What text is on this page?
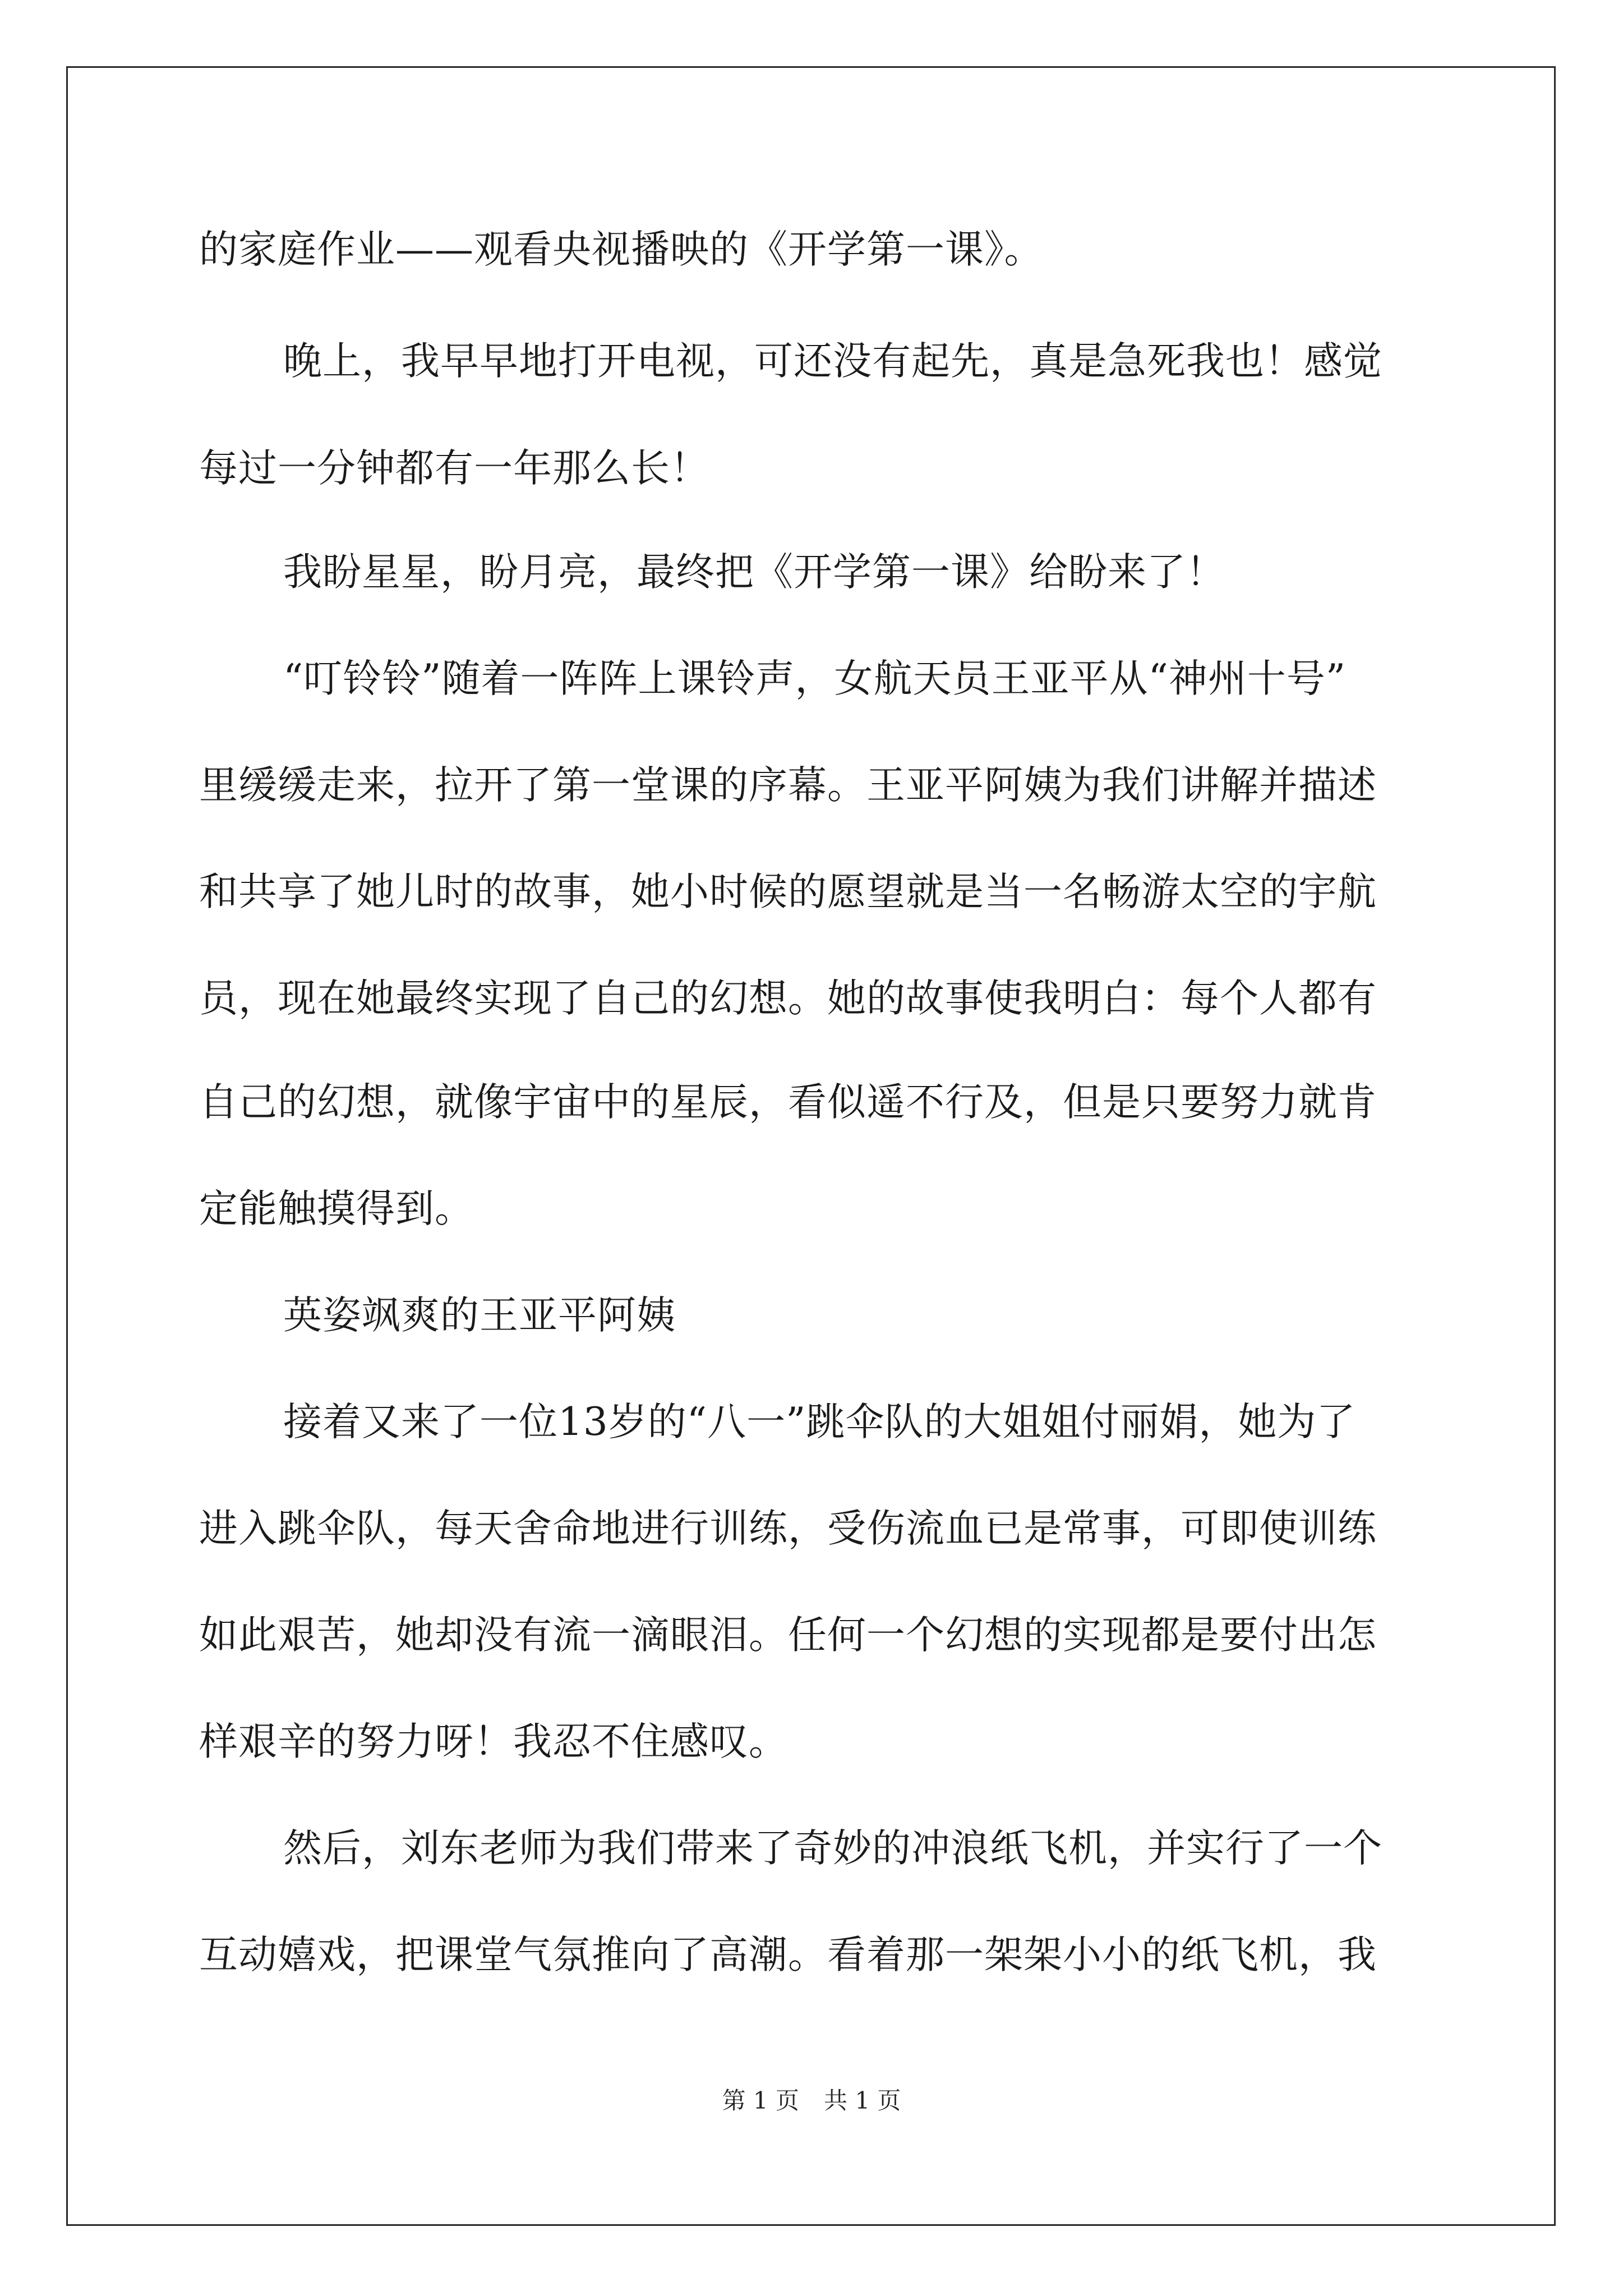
的家庭作业——观看央视播映的《开学第一课》。
晚上，我早早地打开电视，可还没有起先，真是急死我也！感觉
每过一分钟都有一年那么长！
我盼星星，盼月亮，最终把《开学第一课》给盼来了！
“叮铃铃”随着一阵阵上课铃声，女航天员王亚平从“神州十号”
里缓缓走来，拉开了第一堂课的序幕。王亚平阿姨为我们讲解并描述
和共享了她儿时的故事，她小时候的愿望就是当一名畅游太空的宇航
员，现在她最终实现了自己的幻想。她的故事使我明白：每个人都有
自己的幻想，就像宇宙中的星辰，看似遥不行及，但是只要努力就肯
定能触摸得到。
英姿飒爽的王亚平阿姨
接着又来了一位13岁的“八一”跳伞队的大姐姐付丽娟，她为了
进入跳伞队，每天舍命地进行训练，受伤流血已是常事，可即使训练
如此艰苦，她却没有流一滴眼泪。任何一个幻想的实现都是要付出怎
样艰辛的努力呀！我忍不住感叹。
然后，刘东老师为我们带来了奇妙的冲浪纸飞机，并实行了一个
互动嬉戏，把课堂气氛推向了高潮。看着那一架架小小的纸飞机，我
第 1 页 共 1 页
